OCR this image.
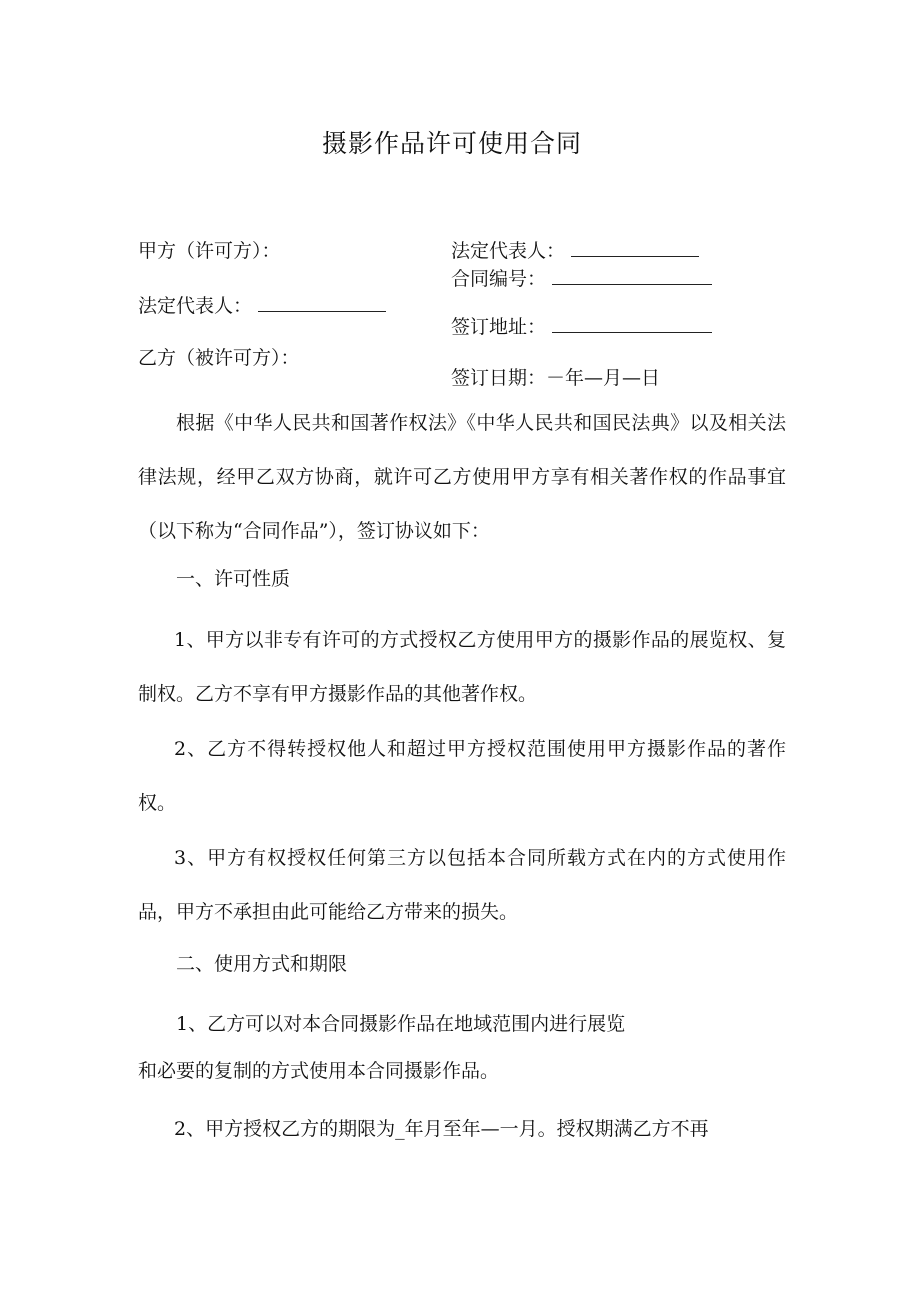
摄影作品许可使用合同
甲方（许可方）：
法定代表人：
乙方（被许可方）：
法定代表人：
合同编号：
签订地址：
签订日期：－年—月—日
根据《中华人民共和国著作权法》《中华人民共和国民法典》以及相关法律法规，经甲乙双方协商，就许可乙方使用甲方享有相关著作权的作品事宜（以下称为“合同作品”），签订协议如下：
一、许可性质
1、甲方以非专有许可的方式授权乙方使用甲方的摄影作品的展览权、复制权。乙方不享有甲方摄影作品的其他著作权。
2、乙方不得转授权他人和超过甲方授权范围使用甲方摄影作品的著作权。
3、甲方有权授权任何第三方以包括本合同所载方式在内的方式使用作品，甲方不承担由此可能给乙方带来的损失。
二、使用方式和期限
1、乙方可以对本合同摄影作品在地域范围内进行展览
和必要的复制的方式使用本合同摄影作品。
2、甲方授权乙方的期限为_年月至年—一月。授权期满乙方不再
